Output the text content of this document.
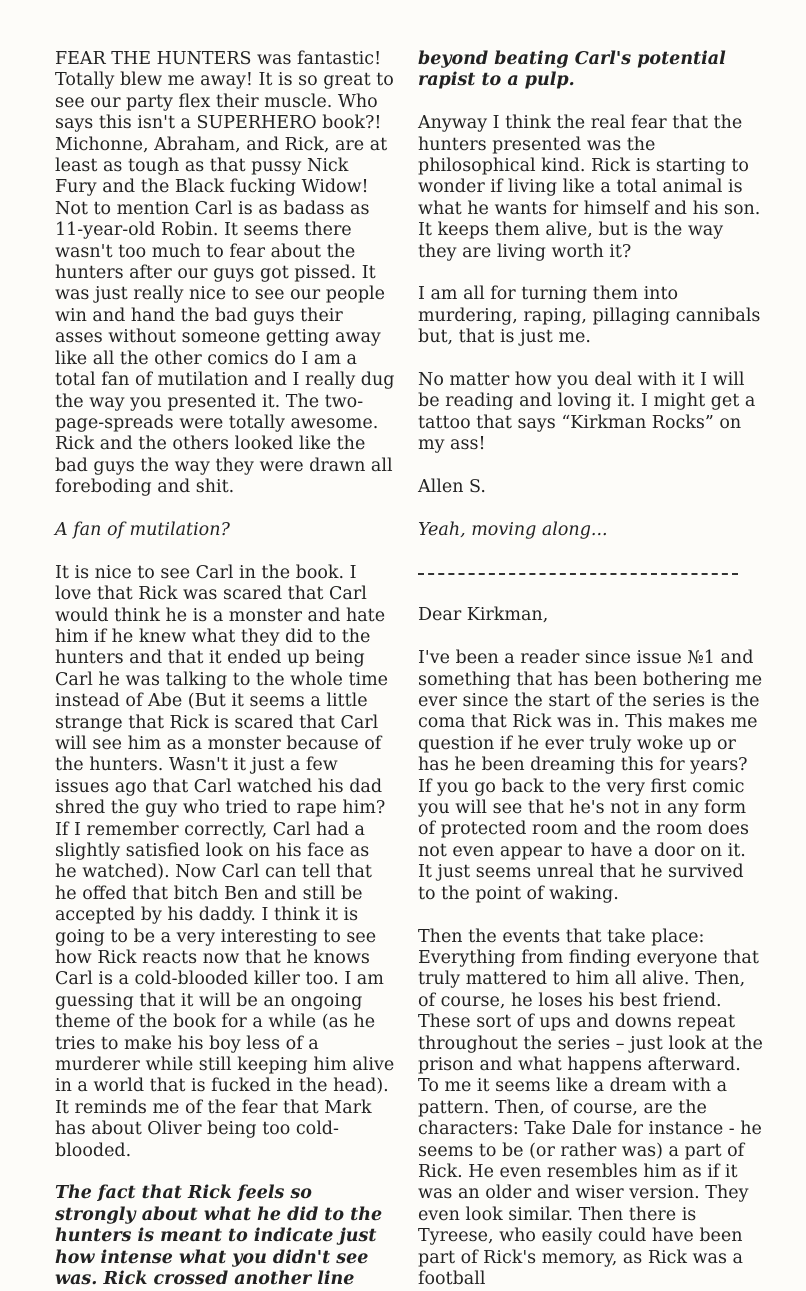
FEAR THE HUNTERS was fantastic! Totally blew me away! It is so great to see our party flex their muscle. Who says this isn't a SUPERHERO book?! Michonne, Abraham, and Rick, are at least as tough as that pussy Nick Fury and the Black fucking Widow! Not to mention Carl is as badass as 11-year-old Robin. It seems there wasn't too much to fear about the hunters after our guys got pissed. It was just really nice to see our people win and hand the bad guys their asses without someone getting away like all the other comics do I am a total fan of mutilation and I really dug the way you presented it. The two-page-spreads were totally awesome. Rick and the others looked like the bad guys the way they were drawn all foreboding and shit.

A fan of mutilation?

It is nice to see Carl in the book. I love that Rick was scared that Carl would think he is a monster and hate him if he knew what they did to the hunters and that it ended up being Carl he was talking to the whole time instead of Abe (But it seems a little strange that Rick is scared that Carl will see him as a monster because of the hunters. Wasn't it just a few issues ago that Carl watched his dad shred the guy who tried to rape him? If I remember correctly, Carl had a slightly satisfied look on his face as he watched). Now Carl can tell that he offed that bitch Ben and still be accepted by his daddy. I think it is going to be a very interesting to see how Rick reacts now that he knows Carl is a cold-blooded killer too. I am guessing that it will be an ongoing theme of the book for a while (as he tries to make his boy less of a murderer while still keeping him alive in a world that is fucked in the head). It reminds me of the fear that Mark has about Oliver being too cold-blooded.

The fact that Rick feels so strongly about what he did to the hunters is meant to indicate just how intense what you didn't see was. Rick crossed another line

beyond beating Carl's potential rapist to a pulp.

Anyway I think the real fear that the hunters presented was the philosophical kind. Rick is starting to wonder if living like a total animal is what he wants for himself and his son. It keeps them alive, but is the way they are living worth it?

I am all for turning them into murdering, raping, pillaging cannibals but, that is just me.

No matter how you deal with it I will be reading and loving it. I might get a tattoo that says “Kirkman Rocks” on my ass!

Allen S.

Yeah, moving along...

Dear Kirkman,

I've been a reader since issue №1 and something that has been bothering me ever since the start of the series is the coma that Rick was in. This makes me question if he ever truly woke up or has he been dreaming this for years? If you go back to the very first comic you will see that he's not in any form of protected room and the room does not even appear to have a door on it. It just seems unreal that he survived to the point of waking.

Then the events that take place: Everything from finding everyone that truly mattered to him all alive. Then, of course, he loses his best friend. These sort of ups and downs repeat throughout the series – just look at the prison and what happens afterward. To me it seems like a dream with a pattern. Then, of course, are the characters: Take Dale for instance - he seems to be (or rather was) a part of Rick. He even resembles him as if it was an older and wiser version. They even look similar. Then there is Tyreese, who easily could have been part of Rick's memory, as Rick was a football
